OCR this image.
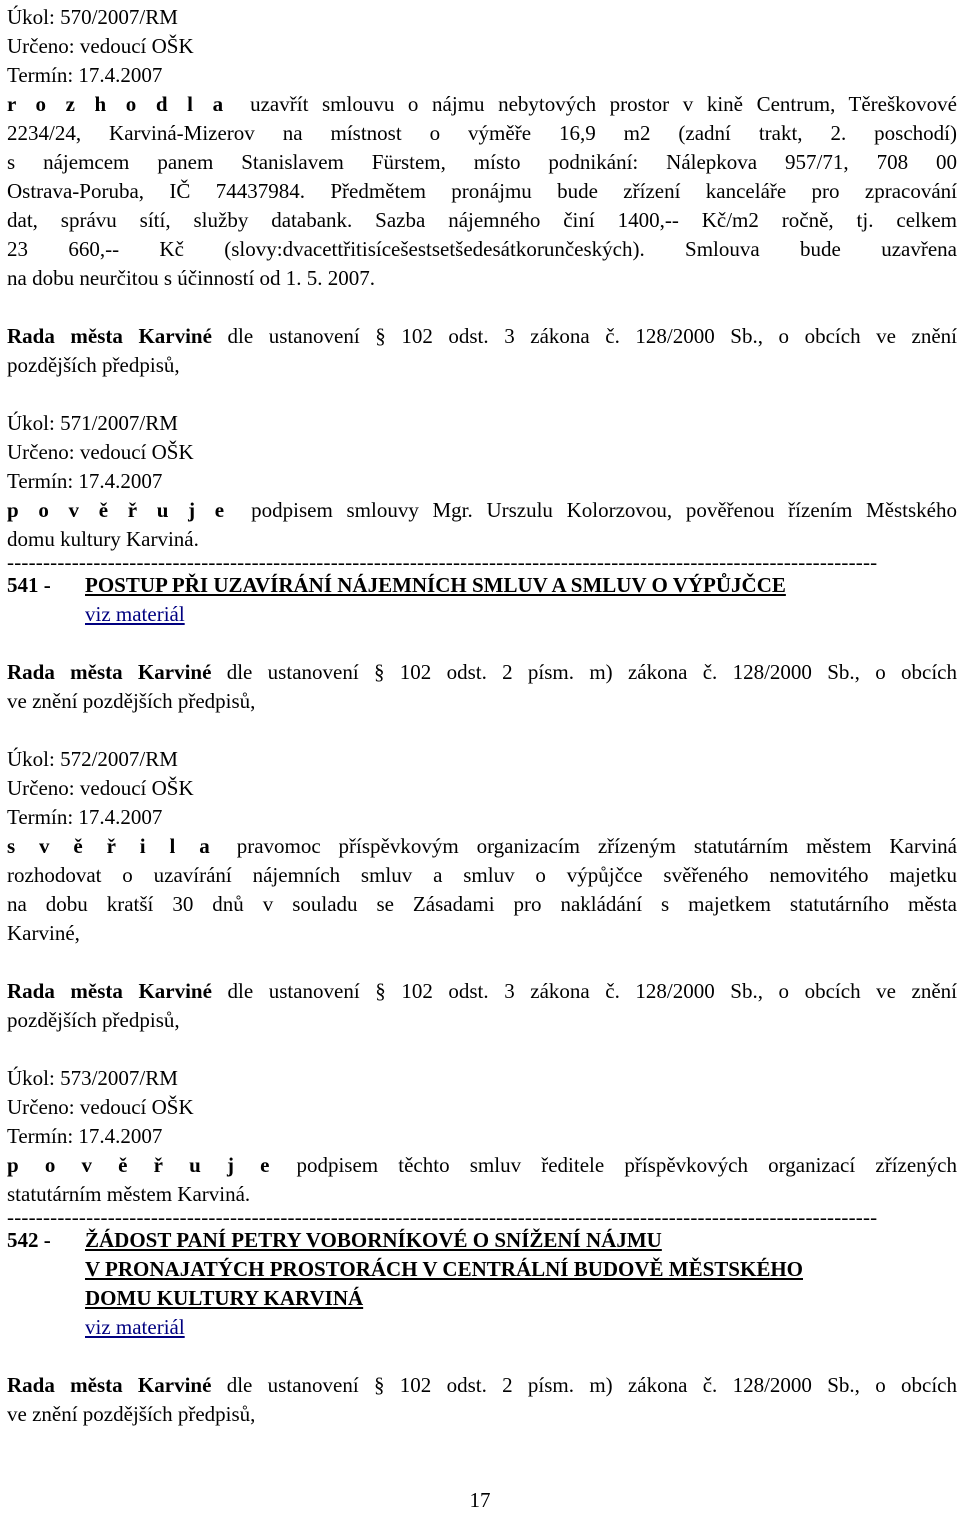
Úkol: 570/2007/RM
Určeno: vedoucí OŠK
Termín: 17.4.2007
r o z h o d l a uzavřít smlouvu o nájmu nebytových prostor v kině Centrum, Těreškovové
2234/24, Karviná-Mizerov na místnost o výměře 16,9 m2 (zadní trakt, 2. poschodí)
s nájemcem panem Stanislavem Fürstem, místo podnikání: Nálepkova 957/71, 708 00
Ostrava-Poruba, IČ 74437984. Předmětem pronájmu bude zřízení kanceláře pro zpracování
dat, správu sítí, služby databank. Sazba nájemného činí 1400,-- Kč/m2 ročně, tj. celkem
23 660,-- Kč (slovy:dvacettřitisícešestsetšedesátkorunčeských). Smlouva bude uzavřena
na dobu neurčitou s účinností od 1. 5. 2007.
Rada města Karviné dle ustanovení § 102 odst. 3 zákona č. 128/2000 Sb., o obcích ve znění
pozdějších předpisů,
Úkol: 571/2007/RM
Určeno: vedoucí OŠK
Termín: 17.4.2007
p o v ě ř u j e podpisem smlouvy Mgr. Urszulu Kolorzovou, pověřenou řízením Městského
domu kultury Karviná.
-------------------------------------------------------------------------------------------------------------------------
541 -	POSTUP PŘI UZAVÍRÁNÍ NÁJEMNÍCH SMLUV A SMLUV O VÝPŮJČCE
viz materiál
Rada města Karviné dle ustanovení § 102 odst. 2 písm. m) zákona č. 128/2000 Sb., o obcích
ve znění pozdějších předpisů,
Úkol: 572/2007/RM
Určeno: vedoucí OŠK
Termín: 17.4.2007
s v ě ř i l a pravomoc příspěvkovým organizacím zřízeným statutárním městem Karviná
rozhodovat o uzavírání nájemních smluv a smluv o výpůjčce svěřeného nemovitého majetku
na dobu kratší 30 dnů v souladu se Zásadami pro nakládání s majetkem statutárního města
Karviné,
Rada města Karviné dle ustanovení § 102 odst. 3 zákona č. 128/2000 Sb., o obcích ve znění
pozdějších předpisů,
Úkol: 573/2007/RM
Určeno: vedoucí OŠK
Termín: 17.4.2007
p o v ě ř u j e podpisem těchto smluv ředitele příspěvkových organizací zřízených
statutárním městem Karviná.
-------------------------------------------------------------------------------------------------------------------------
542 -	ŽÁDOST PANÍ PETRY VOBORNÍKOVÉ O SNÍŽENÍ NÁJMU
V PRONAJATÝCH PROSTORÁCH V CENTRÁLNÍ BUDOVĚ MĚSTSKÉHO
DOMU KULTURY KARVINÁ
viz materiál
Rada města Karviné dle ustanovení § 102 odst. 2 písm. m) zákona č. 128/2000 Sb., o obcích
ve znění pozdějších předpisů,
17
